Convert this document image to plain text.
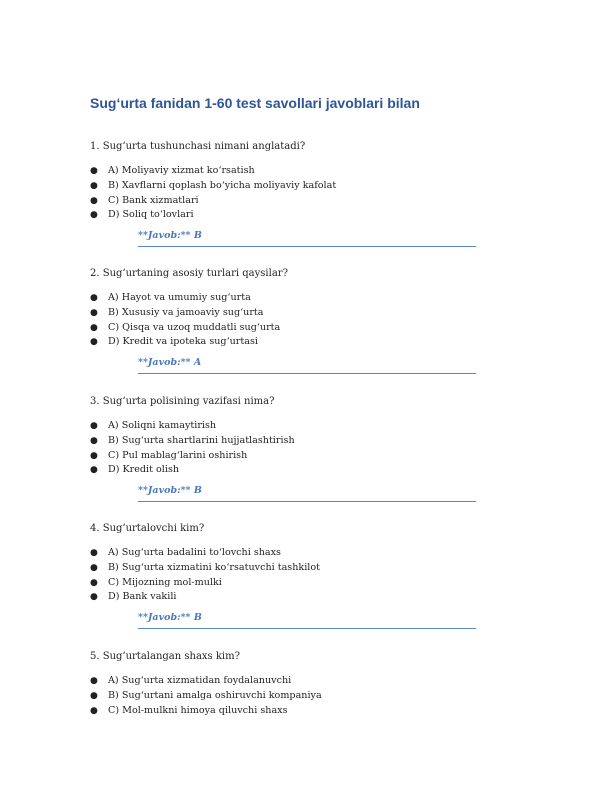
Sug‘urta fanidan 1-60 test savollari javoblari bilan

1. Sug‘urta tushunchasi nimani anglatadi?

● A) Moliyaviy xizmat ko‘rsatish
● B) Xavflarni qoplash bo‘yicha moliyaviy kafolat
● C) Bank xizmatlari
● D) Soliq to‘lovlari
**Javob:** B

2. Sug‘urtaning asosiy turlari qaysilar?

● A) Hayot va umumiy sug‘urta
● B) Xususiy va jamoaviy sug‘urta
● C) Qisqa va uzoq muddatli sug‘urta
● D) Kredit va ipoteka sug‘urtasi
**Javob:** A

3. Sug‘urta polisining vazifasi nima?

● A) Soliqni kamaytirish
● B) Sug‘urta shartlarini hujjatlashtirish
● C) Pul mablag‘larini oshirish
● D) Kredit olish
**Javob:** B

4. Sug‘urtalovchi kim?

● A) Sug‘urta badalini to‘lovchi shaxs
● B) Sug‘urta xizmatini ko‘rsatuvchi tashkilot
● C) Mijozning mol-mulki
● D) Bank vakili
**Javob:** B

5. Sug‘urtalangan shaxs kim?

● A) Sug‘urta xizmatidan foydalanuvchi
● B) Sug‘urtani amalga oshiruvchi kompaniya
● C) Mol-mulkni himoya qiluvchi shaxs
